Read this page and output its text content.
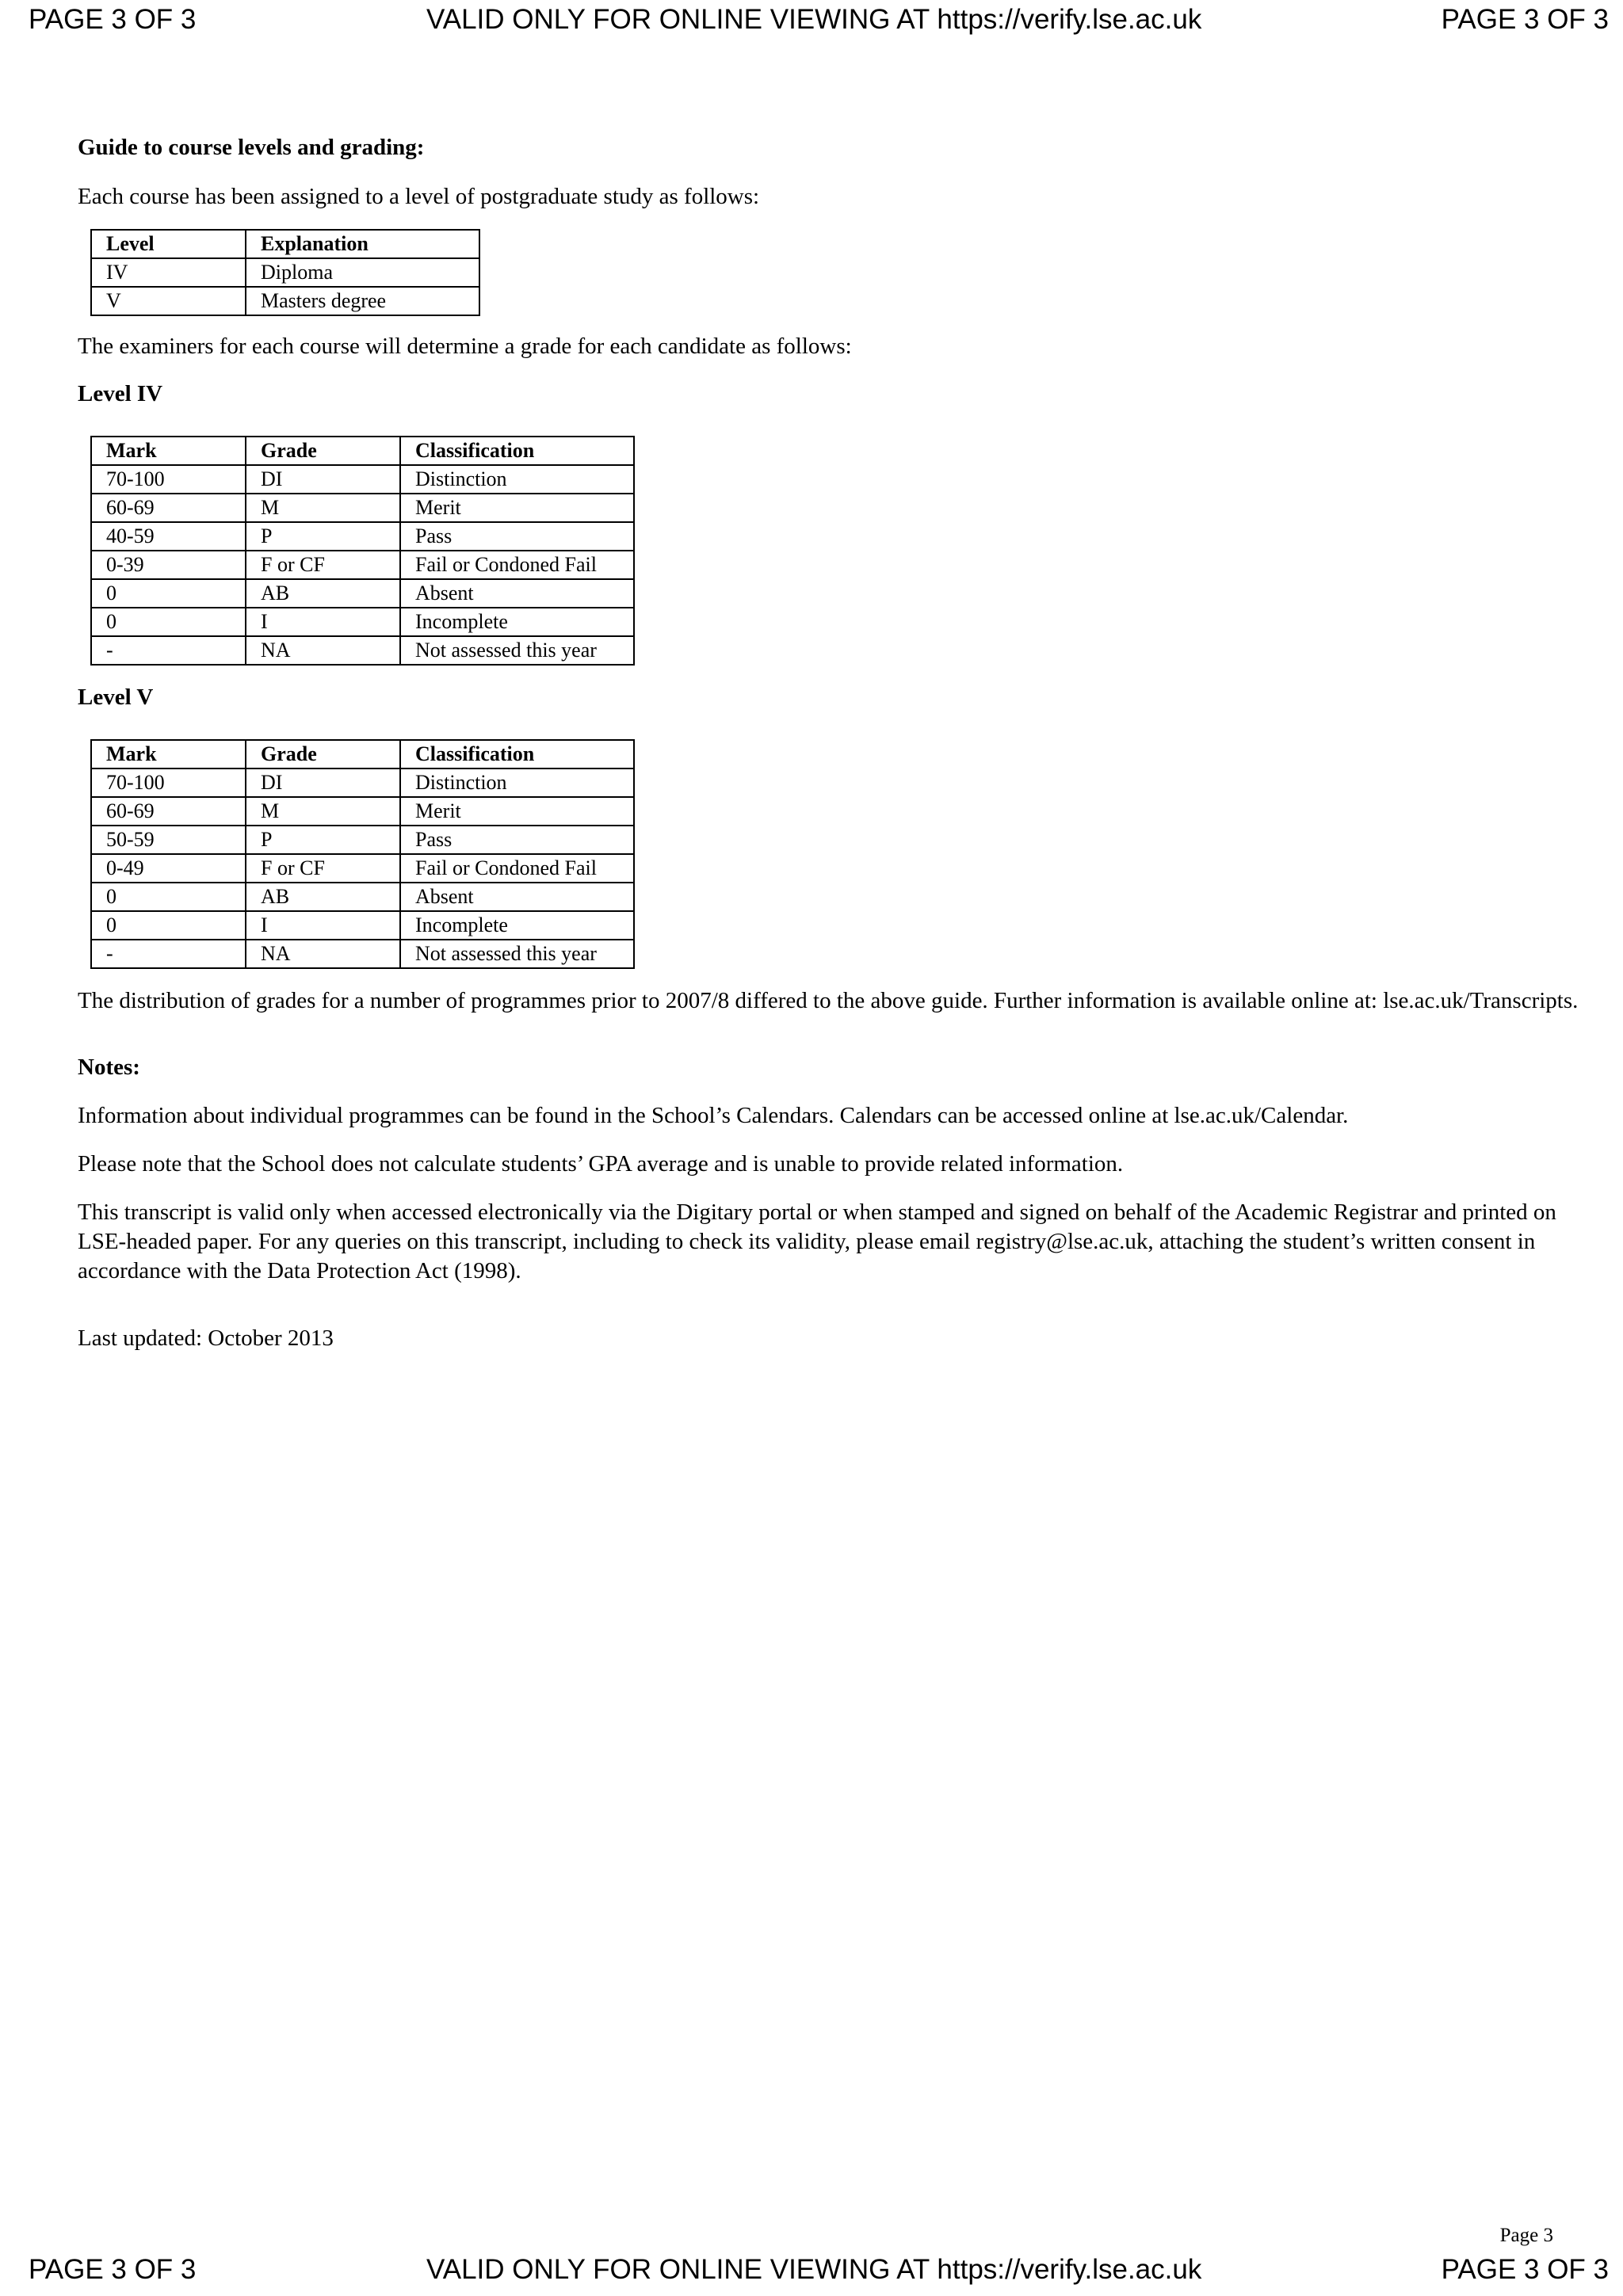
PAGE 3 OF 3	VALID ONLY FOR ONLINE VIEWING AT https://verify.lse.ac.uk	PAGE 3 OF 3

Guide to course levels and grading:

Each course has been assigned to a level of postgraduate study as follows:

Level	Explanation
IV	Diploma
V	Masters degree

The examiners for each course will determine a grade for each candidate as follows:

Level IV

Mark	Grade	Classification
70-100	DI	Distinction
60-69	M	Merit
40-59	P	Pass
0-39	F or CF	Fail or Condoned Fail
0	AB	Absent
0	I	Incomplete
-	NA	Not assessed this year

Level V

Mark	Grade	Classification
70-100	DI	Distinction
60-69	M	Merit
50-59	P	Pass
0-49	F or CF	Fail or Condoned Fail
0	AB	Absent
0	I	Incomplete
-	NA	Not assessed this year

The distribution of grades for a number of programmes prior to 2007/8 differed to the above guide. Further information is available online at: lse.ac.uk/Transcripts.

Notes:

Information about individual programmes can be found in the School’s Calendars. Calendars can be accessed online at lse.ac.uk/Calendar.

Please note that the School does not calculate students’ GPA average and is unable to provide related information.

This transcript is valid only when accessed electronically via the Digitary portal or when stamped and signed on behalf of the Academic Registrar and printed on LSE-headed paper. For any queries on this transcript, including to check its validity, please email registry@lse.ac.uk, attaching the student’s written consent in accordance with the Data Protection Act (1998).

Last updated: October 2013

Page 3
PAGE 3 OF 3	VALID ONLY FOR ONLINE VIEWING AT https://verify.lse.ac.uk	PAGE 3 OF 3
